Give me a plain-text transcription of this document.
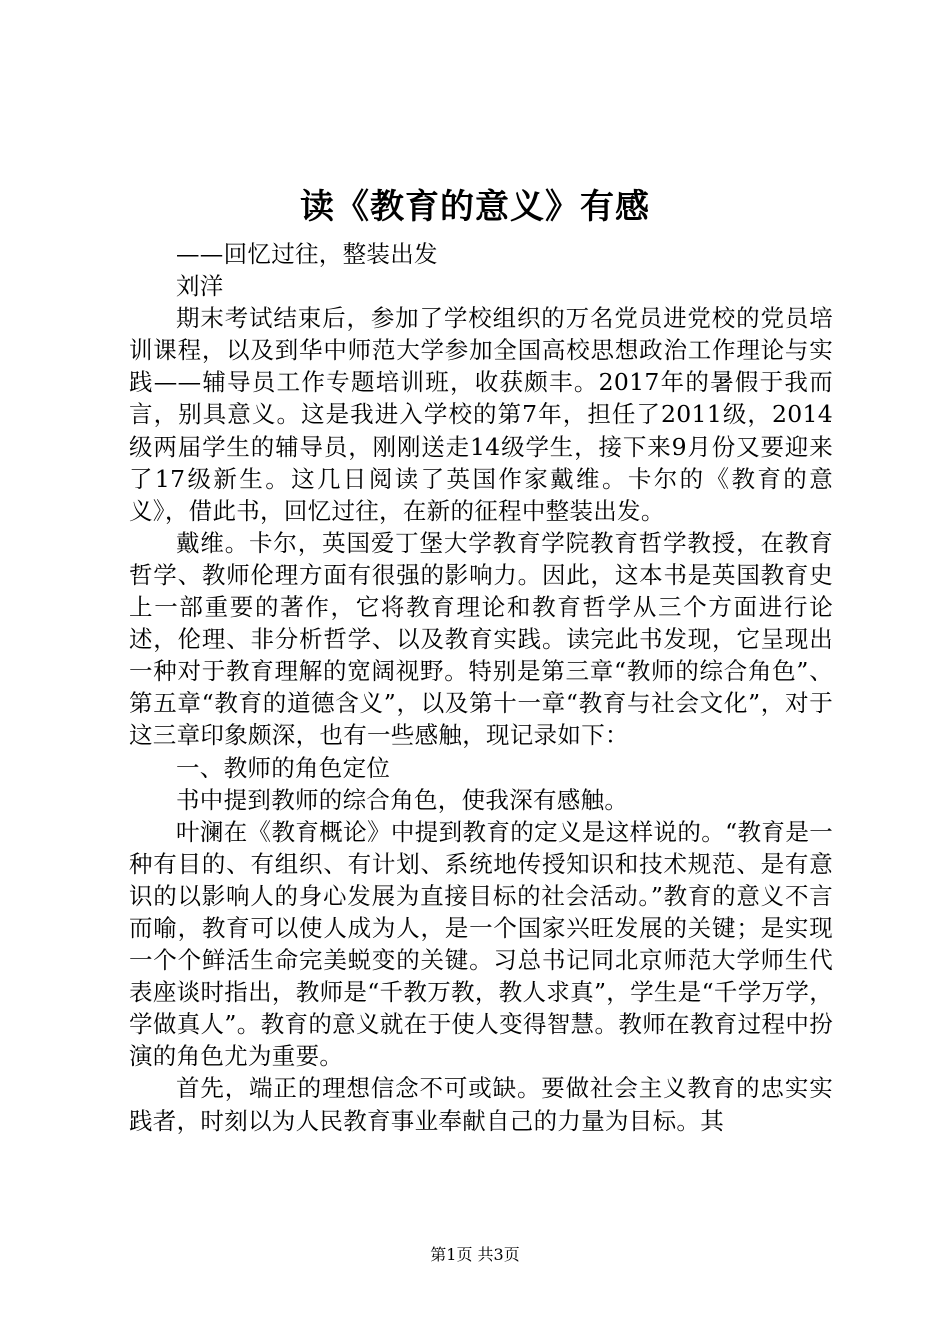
读《教育的意义》有感

——回忆过往，整装出发

刘洋

期末考试结束后，参加了学校组织的万名党员进党校的党员培训课程，以及到华中师范大学参加全国高校思想政治工作理论与实践——辅导员工作专题培训班，收获颇丰。2017年的暑假于我而言，别具意义。这是我进入学校的第7年，担任了2011级，2014级两届学生的辅导员，刚刚送走14级学生，接下来9月份又要迎来了17级新生。这几日阅读了英国作家戴维。卡尔的《教育的意义》，借此书，回忆过往，在新的征程中整装出发。

戴维。卡尔，英国爱丁堡大学教育学院教育哲学教授，在教育哲学、教师伦理方面有很强的影响力。因此，这本书是英国教育史上一部重要的著作，它将教育理论和教育哲学从三个方面进行论述，伦理、非分析哲学、以及教育实践。读完此书发现，它呈现出一种对于教育理解的宽阔视野。特别是第三章“教师的综合角色”、第五章“教育的道德含义”，以及第十一章“教育与社会文化”，对于这三章印象颇深，也有一些感触，现记录如下：

一、教师的角色定位

书中提到教师的综合角色，使我深有感触。

叶澜在《教育概论》中提到教育的定义是这样说的。“教育是一种有目的、有组织、有计划、系统地传授知识和技术规范、是有意识的以影响人的身心发展为直接目标的社会活动。”教育的意义不言而喻，教育可以使人成为人，是一个国家兴旺发展的关键；是实现一个个鲜活生命完美蜕变的关键。习总书记同北京师范大学师生代表座谈时指出，教师是“千教万教，教人求真”，学生是“千学万学，学做真人”。教育的意义就在于使人变得智慧。教师在教育过程中扮演的角色尤为重要。

首先，端正的理想信念不可或缺。要做社会主义教育的忠实实践者，时刻以为人民教育事业奉献自己的力量为目标。其

第1页 共3页
